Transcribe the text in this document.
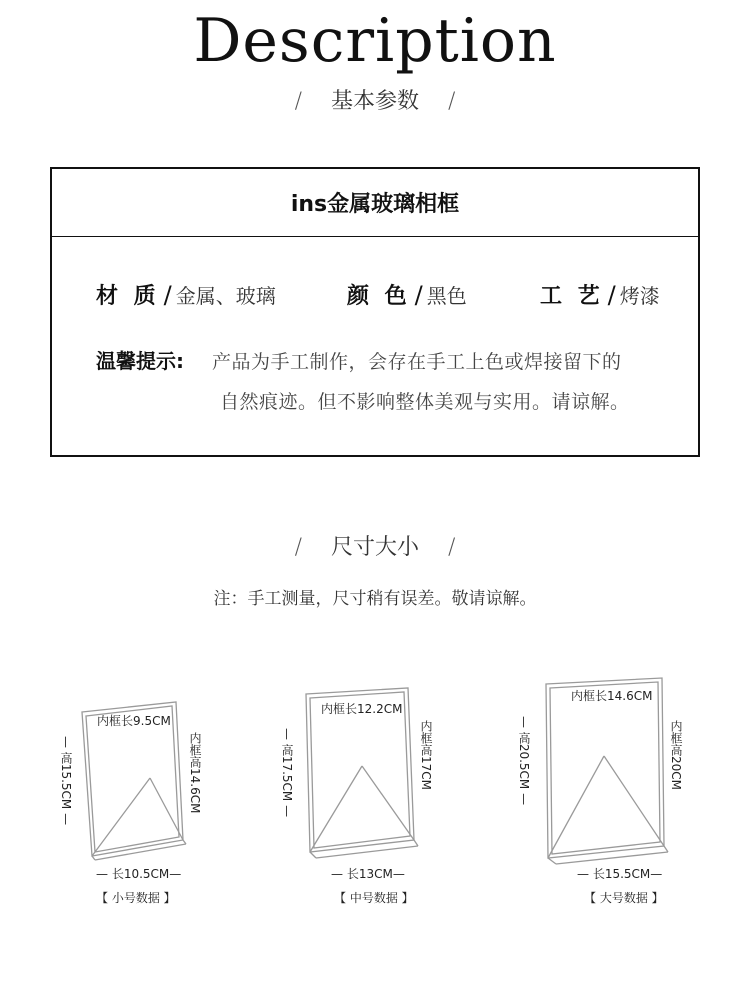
Description
/ 基本参数 /
ins金属玻璃相框
材 质 / 金属、玻璃	颜 色 / 黑色	工 艺 / 烤漆
温馨提示: 产品为手工制作，会存在手工上色或焊接留下的
自然痕迹。但不影响整体美观与实用。请谅解。
/ 尺寸大小 /
注：手工测量，尺寸稍有误差。敬请谅解。
内框长9.5CM
内框高14.6CM
— 高15.5CM —
— 长10.5CM—
【 小号数据 】
内框长12.2CM
内框高17CM
— 高17.5CM —
— 长13CM—
【 中号数据 】
内框长14.6CM
内框高20CM
— 高20.5CM —
— 长15.5CM—
【 大号数据 】
